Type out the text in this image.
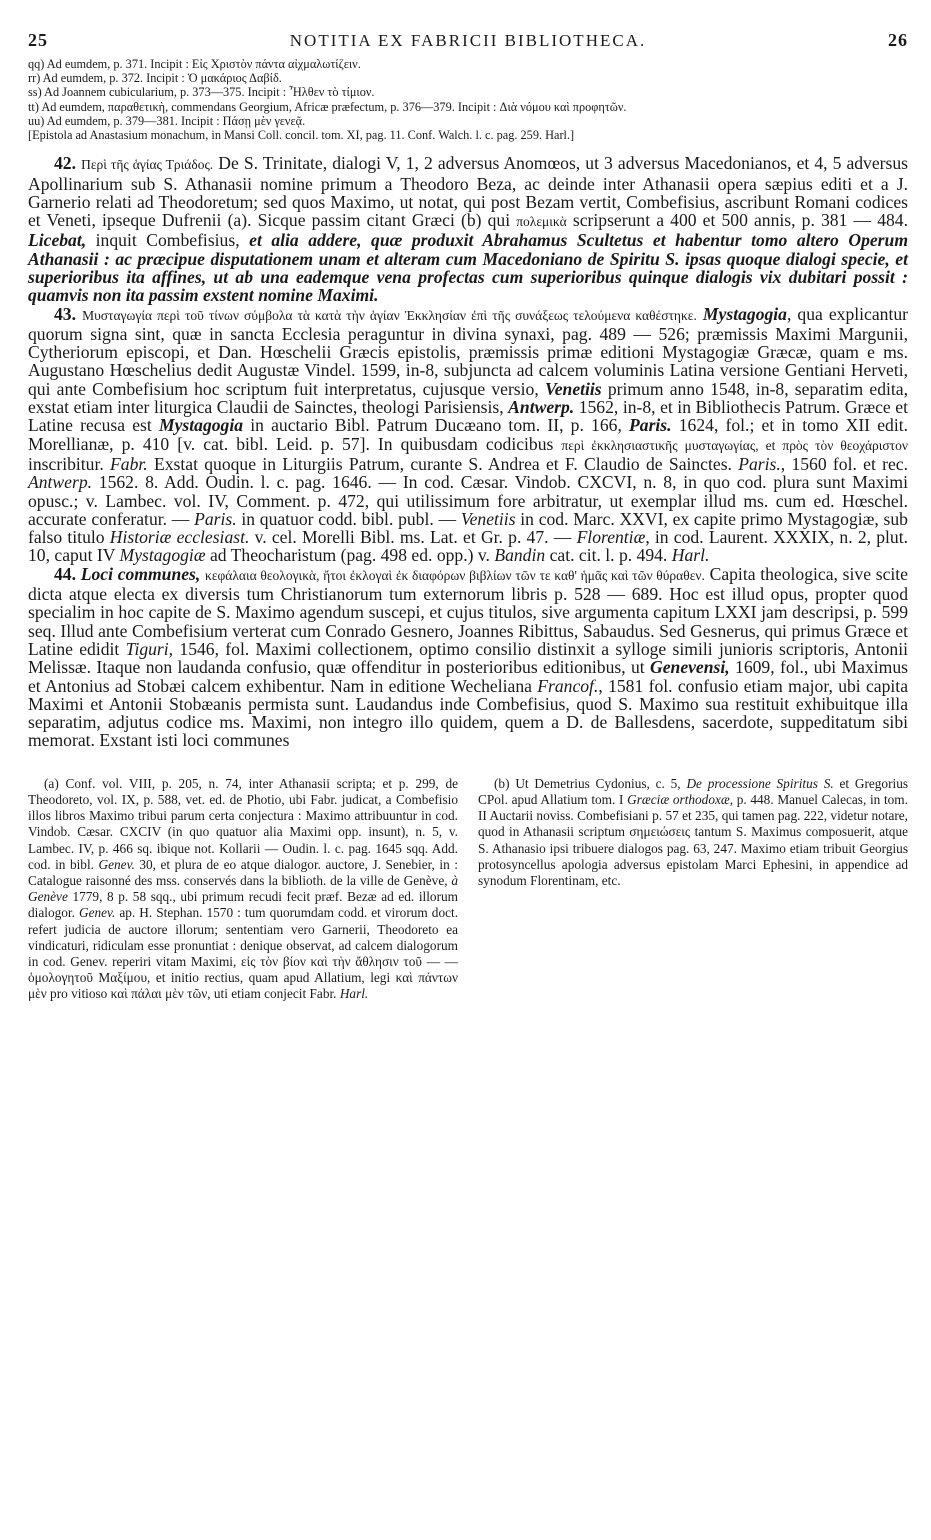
25	NOTITIA EX FABRICII BIBLIOTHECA.	26

qq) Ad eumdem, p. 371. Incipit : Εἰς Χριστὸν πάντα αἰχμαλωτίζειν.

rr) Ad eumdem, p. 372. Incipit : Ὁ μακάριος Δαβίδ.

ss) Ad Joannem cubicularium, p. 373—375. Incipit : Ἦλθεν τὸ τίμιον.

tt) Ad eumdem, παραθετικὴ, commendans Georgium, Africæ præfectum, p. 376—379. Incipit : Διὰ νόμου καὶ προφητῶν.

uu) Ad eumdem, p. 379—381. Incipit : Πάσῃ μὲν γενεᾷ.

[Epistola ad Anastasium monachum, in Mansi Coll. concil. tom. XI, pag. 11. Conf. Walch. l. c. pag. 259. Harl.]

42. Περὶ τῆς ἁγίας Τριάδος. De S. Trinitate, dialogi V, 1, 2 adversus Anomœos, ut 3 adversus Macedonianos, et 4, 5 adversus Apollinarium sub S. Athanasii nomine primum a Theodoro Beza, ac deinde inter Athanasii opera sæpius editi et a J. Garnerio relati ad Theodoretum; sed quos Maximo, ut notat, qui post Bezam vertit, Combefisius, ascribunt Romani codices et Veneti, ipseque Dufrenii (a). Sicque passim citant Græci (b) qui πολεμικὰ scripserunt a 400 et 500 annis, p. 381 — 484. Licebat, inquit Combefisius, et alia addere, quæ produxit Abrahamus Scultetus et habentur tomo altero Operum Athanasii : ac præcipue disputationem unam et alteram cum Macedoniano de Spiritu S. ipsas quoque dialogi specie, et superioribus ita affines, ut ab una eademque vena profectas cum superioribus quinque dialogis vix dubitari possit : quamvis non ita passim exstent nomine Maximi.

43. Μυσταγωγία περὶ τοῦ τίνων σύμβολα τὰ κατὰ τὴν ἁγίαν Ἐκκλησίαν ἐπὶ τῆς συνάξεως τελούμενα καθέστηκε. Mystagogia, qua explicantur quorum signa sint, quæ in sancta Ecclesia peraguntur in divina synaxi, pag. 489 — 526; præmissis Maximi Margunii, Cytheriorum episcopi, et Dan. Hœschelii Græcis epistolis, præmissis primæ editioni Mystagogiæ Græcæ, quam e ms. Augustano Hœschelius dedit Augustæ Vindel. 1599, in-8, subjuncta ad calcem voluminis Latina versione Gentiani Herveti, qui ante Combefisium hoc scriptum fuit interpretatus, cujusque versio, Venetiis primum anno 1548, in-8, separatim edita, exstat etiam inter liturgica Claudii de Sainctes, theologi Parisiensis, Antwerp. 1562, in-8, et in Bibliothecis Patrum. Græce et Latine recusa est Mystagogia in auctario Bibl. Patrum Ducæano tom. II, p. 166, Paris. 1624, fol.; et in tomo XII edit. Morellianæ, p. 410 [v. cat. bibl. Leid. p. 57]. In quibusdam codicibus περὶ ἐκκλησιαστικῆς μυσταγωγίας, et πρὸς τὸν θεοχάριστον inscribitur. Fabr. Exstat quoque in Liturgiis Patrum, curante S. Andrea et F. Claudio de Sainctes. Paris., 1560 fol. et rec. Antwerp. 1562. 8. Add. Oudin. l. c. pag. 1646. — In cod. Cæsar. Vindob. CXCVI, n. 8, in quo cod. plura sunt Maximi opusc.; v. Lambec. vol. IV, Comment. p. 472, qui utilissimum fore arbitratur, ut exemplar illud ms. cum ed. Hœschel. accurate conferatur. — Paris. in quatuor codd. bibl. publ. — Venetiis in cod. Marc. XXVI, ex capite primo Mystagogiæ, sub falso titulo Historiæ ecclesiast. v. cel. Morelli Bibl. ms. Lat. et Gr. p. 47. — Florentiæ, in cod. Laurent. XXXIX, n. 2, plut. 10, caput IV Mystagogiæ ad Theocharistum (pag. 498 ed. opp.) v. Bandin cat. cit. l. p. 494. Harl.

44. Loci communes, κεφάλαια θεολογικὰ, ἤτοι ἐκλογαὶ ἐκ διαφόρων βιβλίων τῶν τε καθ' ἡμᾶς καὶ τῶν θύραθεν. Capita theologica, sive scite dicta atque electa ex diversis tum Christianorum tum externorum libris p. 528 — 689. Hoc est illud opus, propter quod specialim in hoc capite de S. Maximo agendum suscepi, et cujus titulos, sive argumenta capitum LXXI jam descripsi, p. 599 seq. Illud ante Combefisium verterat cum Conrado Gesnero, Joannes Ribittus, Sabaudus. Sed Gesnerus, qui primus Græce et Latine edidit Tiguri, 1546, fol. Maximi collectionem, optimo consilio distinxit a sylloge simili junioris scriptoris, Antonii Melissæ. Itaque non laudanda confusio, quæ offenditur in posterioribus editionibus, ut Genevensi, 1609, fol., ubi Maximus et Antonius ad Stobæi calcem exhibentur. Nam in editione Wecheliana Francof., 1581 fol. confusio etiam major, ubi capita Maximi et Antonii Stobæanis permista sunt. Laudandus inde Combefisius, quod S. Maximo sua restituit exhibuitque illa separatim, adjutus codice ms. Maximi, non integro illo quidem, quem a D. de Ballesdens, sacerdote, suppeditatum sibi memorat. Exstant isti loci communes

(a) Conf. vol. VIII, p. 205, n. 74, inter Athanasii scripta; et p. 299, de Theodoreto, vol. IX, p. 588, vet. ed. de Photio, ubi Fabr. judicat, a Combefisio illos libros Maximo tribui parum certa conjectura : Maximo attribuuntur in cod. Vindob. Cæsar. CXCIV (in quo quatuor alia Maximi opp. insunt), n. 5, v. Lambec. IV, p. 466 sq. ibique not. Kollarii — Oudin. l. c. pag. 1645 sqq. Add. cod. in bibl. Genev. 30, et plura de eo atque dialogor. auctore, J. Senebier, in : Catalogue raisonné des mss. conservés dans la biblioth. de la ville de Genève, à Genève 1779, 8 p. 58 sqq., ubi primum recudi fecit præf. Bezæ ad ed. illorum dialogor. Genev. ap. H. Stephan. 1570 : tum quorumdam codd. et virorum doct. refert judicia de auctore illorum; sententiam vero Garnerii, Theodoreto ea vindicaturi, ridiculam esse pronuntiat : denique observat, ad calcem dialogorum in cod. Genev. reperiri vitam Maximi, εἰς τὸν βίον καὶ τὴν ἄθλησιν τοῦ — — ὁμολογητοῦ Μαξίμου, et initio rectius, quam apud Allatium, legi καὶ πάντων μὲν pro vitioso καὶ πάλαι μὲν τῶν, uti etiam conjecit Fabr. Harl.

(b) Ut Demetrius Cydonius, c. 5, De processione Spiritus S. et Gregorius CPol. apud Allatium tom. I Græciæ orthodoxæ, p. 448. Manuel Calecas, in tom. II Auctarii noviss. Combefisiani p. 57 et 235, qui tamen pag. 222, videtur notare, quod in Athanasii scriptum σημειώσεις tantum S. Maximus composuerit, atque S. Athanasio ipsi tribuere dialogos pag. 63, 247. Maximo etiam tribuit Georgius protosyncellus apologia adversus epistolam Marci Ephesini, in appendice ad synodum Florentinam, etc.
